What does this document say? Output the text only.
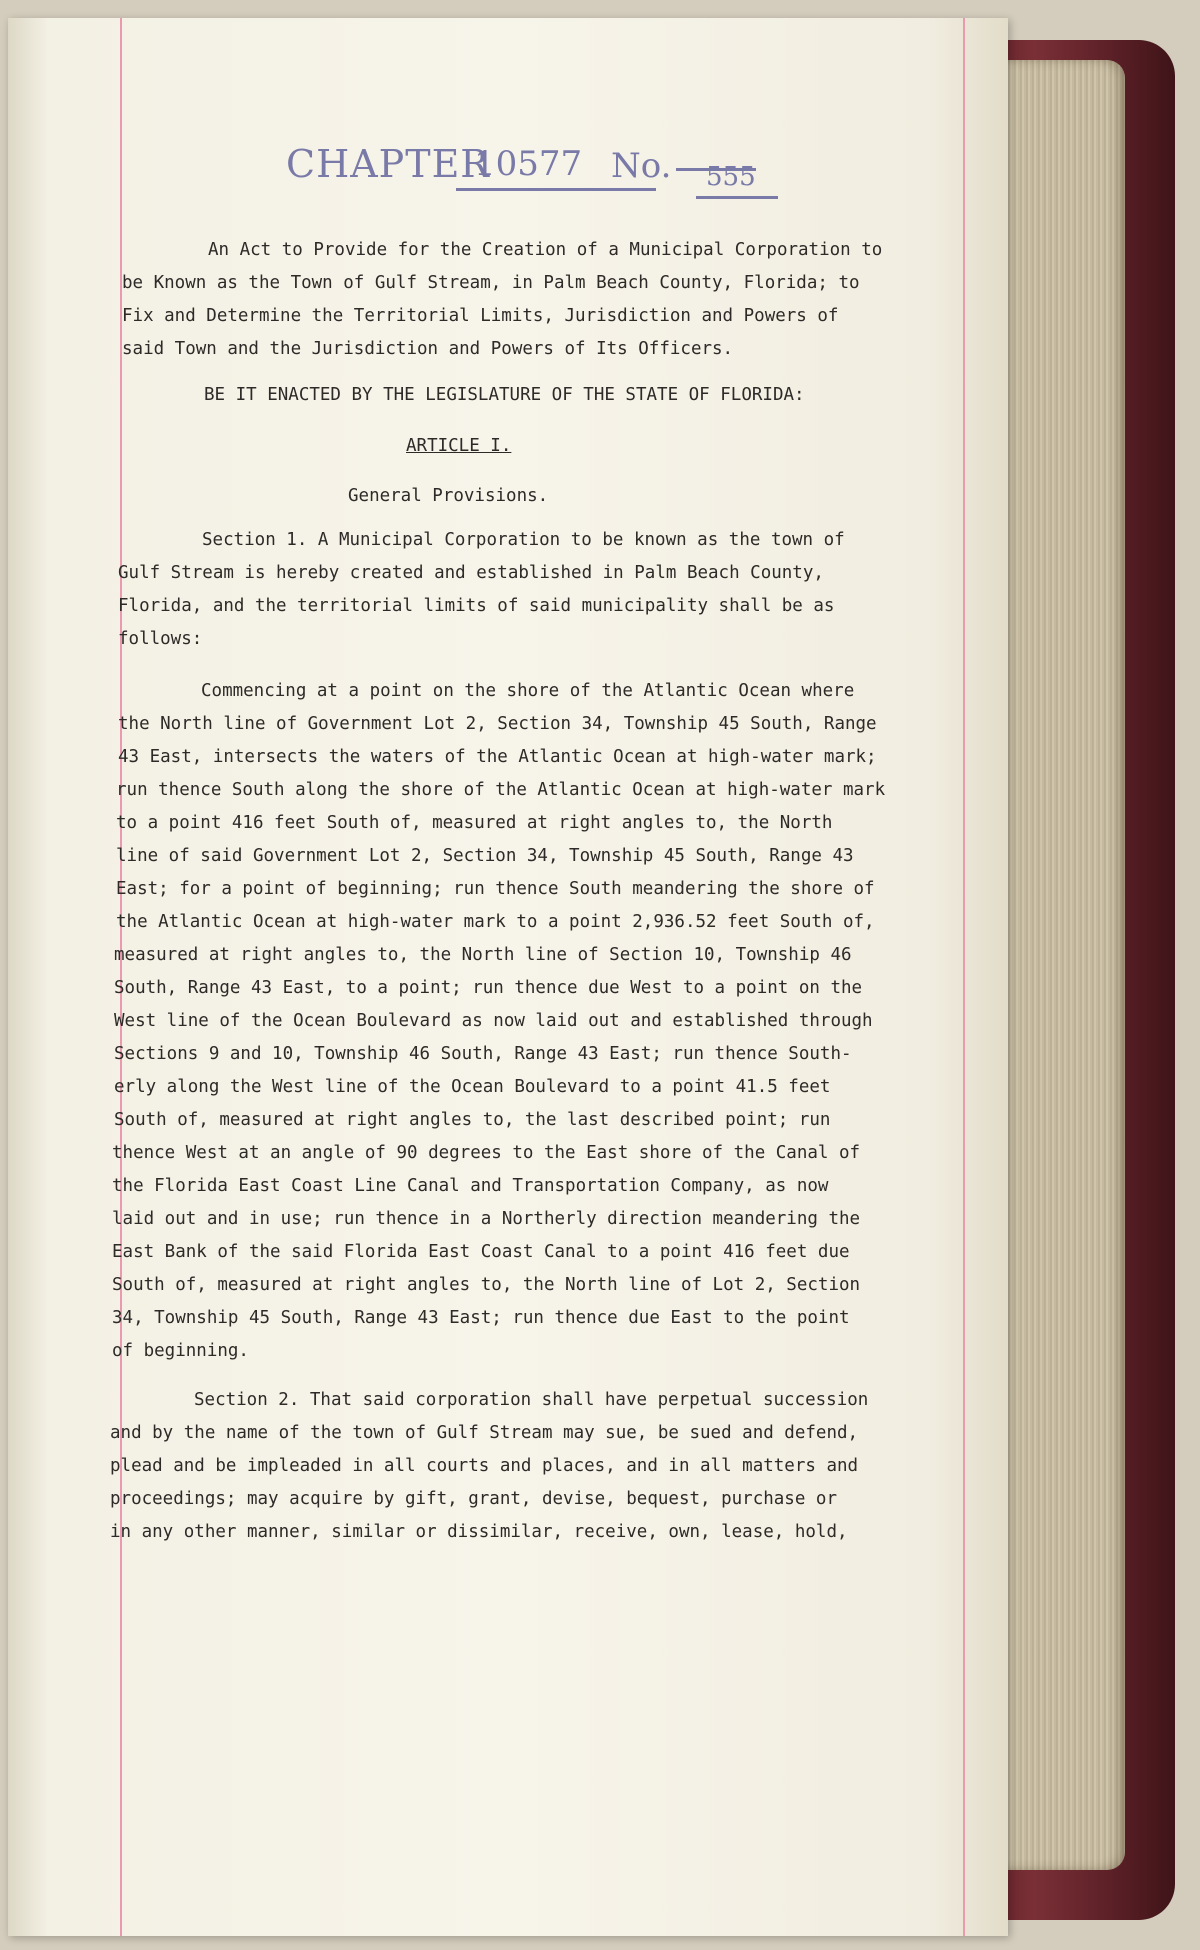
CHAPTER
10577 No. 555
An Act to Provide for the Creation of a Municipal Corporation to
be Known as the Town of Gulf Stream, in Palm Beach County, Florida; to
Fix and Determine the Territorial Limits, Jurisdiction and Powers of
said Town and the Jurisdiction and Powers of Its Officers.
BE IT ENACTED BY THE LEGISLATURE OF THE STATE OF FLORIDA:
ARTICLE I.
General Provisions.
Section 1. A Municipal Corporation to be known as the town of
Gulf Stream is hereby created and established in Palm Beach County,
Florida, and the territorial limits of said municipality shall be as
follows:
Commencing at a point on the shore of the Atlantic Ocean where
the North line of Government Lot 2, Section 34, Township 45 South, Range
43 East, intersects the waters of the Atlantic Ocean at high-water mark;
run thence South along the shore of the Atlantic Ocean at high-water mark
to a point 416 feet South of, measured at right angles to, the North
line of said Government Lot 2, Section 34, Township 45 South, Range 43
East; for a point of beginning; run thence South meandering the shore of
the Atlantic Ocean at high-water mark to a point 2,936.52 feet South of,
measured at right angles to, the North line of Section 10, Township 46
South, Range 43 East, to a point; run thence due West to a point on the
West line of the Ocean Boulevard as now laid out and established through
Sections 9 and 10, Township 46 South, Range 43 East; run thence South-
erly along the West line of the Ocean Boulevard to a point 41.5 feet
South of, measured at right angles to, the last described point; run
thence West at an angle of 90 degrees to the East shore of the Canal of
the Florida East Coast Line Canal and Transportation Company, as now
laid out and in use; run thence in a Northerly direction meandering the
East Bank of the said Florida East Coast Canal to a point 416 feet due
South of, measured at right angles to, the North line of Lot 2, Section
34, Township 45 South, Range 43 East; run thence due East to the point
of beginning.
Section 2. That said corporation shall have perpetual succession
and by the name of the town of Gulf Stream may sue, be sued and defend,
plead and be impleaded in all courts and places, and in all matters and
proceedings; may acquire by gift, grant, devise, bequest, purchase or
in any other manner, similar or dissimilar, receive, own, lease, hold,
